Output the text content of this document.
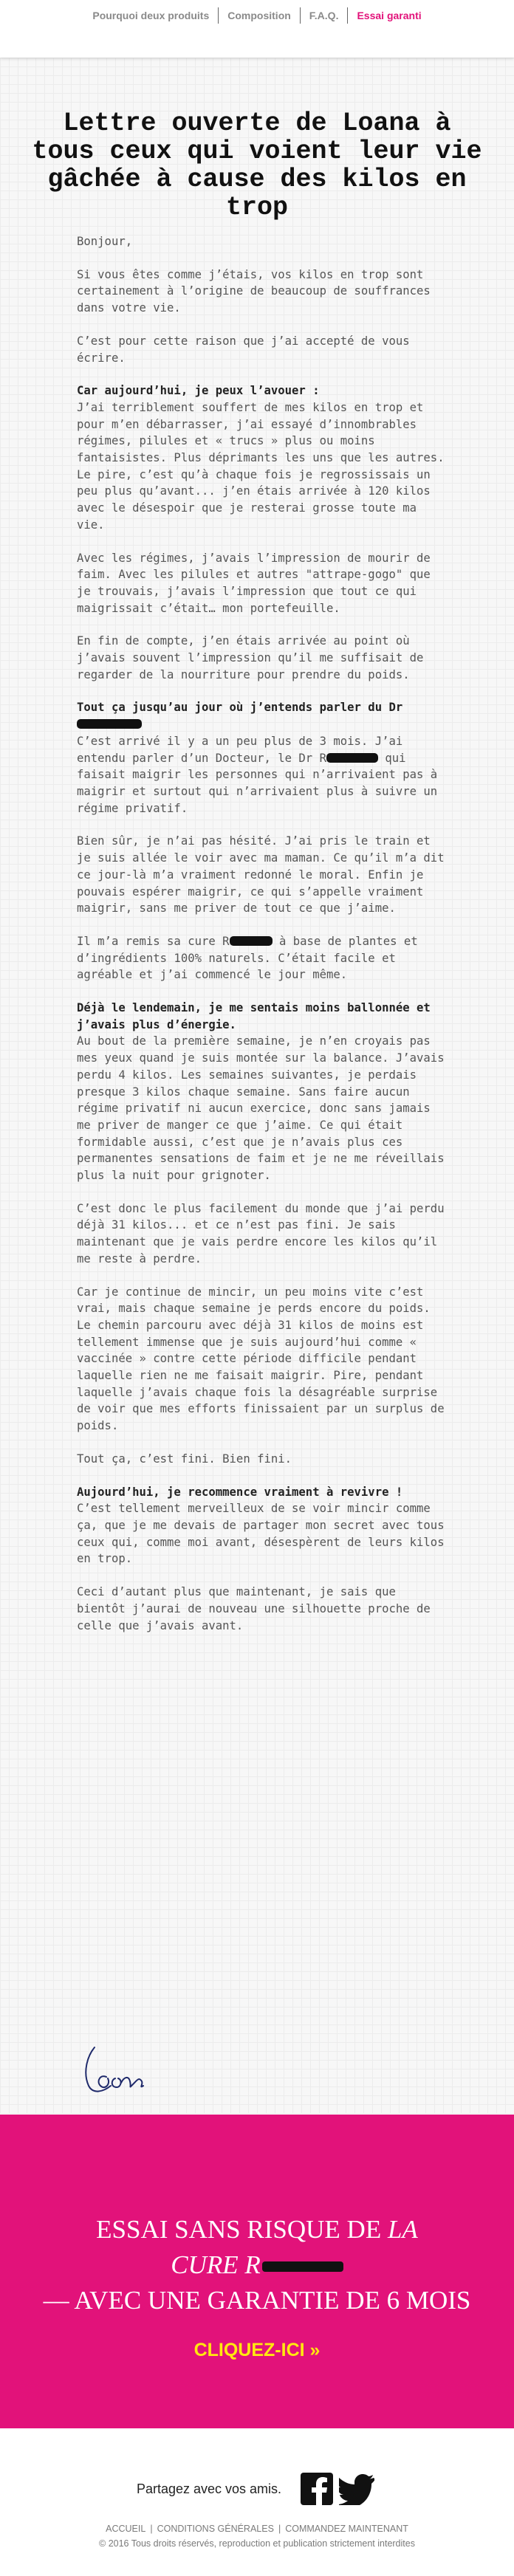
Pourquoi deux produits	Composition	F.A.Q.	Essai garanti
Lettre ouverte de Loana à tous ceux qui voient leur vie gâchée à cause des kilos en trop

Bonjour,

Si vous êtes comme j’étais, vos kilos en trop sont certainement à l’origine de beaucoup de souffrances dans votre vie.

C’est pour cette raison que j’ai accepté de vous écrire.

Car aujourd’hui, je peux l’avouer :
J’ai terriblement souffert de mes kilos en trop et pour m’en débarrasser, j’ai essayé d’innombrables régimes, pilules et « trucs » plus ou moins fantaisistes. Plus déprimants les uns que les autres. Le pire, c’est qu’à chaque fois je regrossissais un peu plus qu’avant... j’en étais arrivée à 120 kilos avec le désespoir que je resterai grosse toute ma vie.

Avec les régimes, j’avais l’impression de mourir de faim. Avec les pilules et autres "attrape-gogo" que je trouvais, j’avais l’impression que tout ce qui maigrissait c’était… mon portefeuille.

En fin de compte, j’en étais arrivée au point où j’avais souvent l’impression qu’il me suffisait de regarder de la nourriture pour prendre du poids.

Tout ça jusqu’au jour où j’entends parler du Dr
C’est arrivé il y a un peu plus de 3 mois. J’ai entendu parler d’un Docteur, le Dr R	qui faisait maigrir les personnes qui n’arrivaient pas à maigrir et surtout qui n’arrivaient plus à suivre un régime privatif.

Bien sûr, je n’ai pas hésité. J’ai pris le train et je suis allée le voir avec ma maman. Ce qu’il m’a dit ce jour-là m’a vraiment redonné le moral. Enfin je pouvais espérer maigrir, ce qui s’appelle vraiment maigrir, sans me priver de tout ce que j’aime.

Il m’a remis sa cure R	à base de plantes et d’ingrédients 100% naturels. C’était facile et agréable et j’ai commencé le jour même.

Déjà le lendemain, je me sentais moins ballonnée et j’avais plus d’énergie.
Au bout de la première semaine, je n’en croyais pas mes yeux quand je suis montée sur la balance. J’avais perdu 4 kilos. Les semaines suivantes, je perdais presque 3 kilos chaque semaine. Sans faire aucun régime privatif ni aucun exercice, donc sans jamais me priver de manger ce que j’aime. Ce qui était formidable aussi, c’est que je n’avais plus ces permanentes sensations de faim et je ne me réveillais plus la nuit pour grignoter.

C’est donc le plus facilement du monde que j’ai perdu déjà 31 kilos... et ce n’est pas fini. Je sais maintenant que je vais perdre encore les kilos qu’il me reste à perdre.

Car je continue de mincir, un peu moins vite c’est vrai, mais chaque semaine je perds encore du poids. Le chemin parcouru avec déjà 31 kilos de moins est tellement immense que je suis aujourd’hui comme « vaccinée » contre cette période difficile pendant laquelle rien ne me faisait maigrir. Pire, pendant laquelle j’avais chaque fois la désagréable surprise de voir que mes efforts finissaient par un surplus de poids.

Tout ça, c’est fini. Bien fini.

Aujourd’hui, je recommence vraiment à revivre !
C’est tellement merveilleux de se voir mincir comme ça, que je me devais de partager mon secret avec tous ceux qui, comme moi avant, désespèrent de leurs kilos en trop.

Ceci d’autant plus que maintenant, je sais que bientôt j’aurai de nouveau une silhouette proche de celle que j’avais avant.

ESSAI SANS RISQUE DE LA
CURE R
— AVEC UNE GARANTIE DE 6 MOIS
CLIQUEZ-ICI »
Partagez avec vos amis.
ACCUEIL | CONDITIONS GÉNÉRALES | COMMANDEZ MAINTENANT
© 2016 Tous droits réservés, reproduction et publication strictement interdites
